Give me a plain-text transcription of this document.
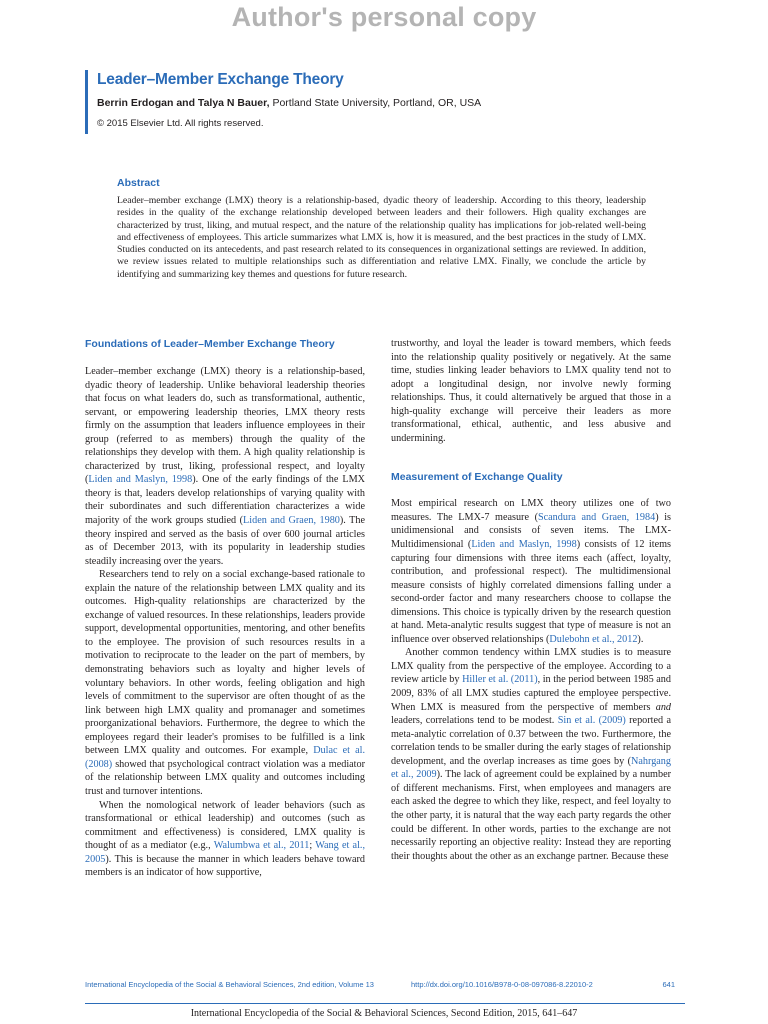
Author's personal copy
Leader–Member Exchange Theory
Berrin Erdogan and Talya N Bauer, Portland State University, Portland, OR, USA
© 2015 Elsevier Ltd. All rights reserved.
Abstract

Leader–member exchange (LMX) theory is a relationship-based, dyadic theory of leadership. According to this theory, leadership resides in the quality of the exchange relationship developed between leaders and their followers. High quality exchanges are characterized by trust, liking, and mutual respect, and the nature of the relationship quality has implications for job-related well-being and effectiveness of employees. This article summarizes what LMX is, how it is measured, and the best practices in the study of LMX. Studies conducted on its antecedents, and past research related to its consequences in organizational settings are reviewed. In addition, we review issues related to multiple relationships such as differentiation and relative LMX. Finally, we conclude the article by identifying and summarizing key themes and questions for future research.

Foundations of Leader–Member Exchange Theory

Leader–member exchange (LMX) theory is a relationship-based, dyadic theory of leadership. Unlike behavioral leadership theories that focus on what leaders do, such as transformational, authentic, servant, or empowering leadership theories, LMX theory rests firmly on the assumption that leaders influence employees in their group (referred to as members) through the quality of the relationships they develop with them. A high quality relationship is characterized by trust, liking, professional respect, and loyalty (Liden and Maslyn, 1998). One of the early findings of the LMX theory is that, leaders develop relationships of varying quality with their subordinates and such differentiation characterizes a wide majority of the work groups studied (Liden and Graen, 1980). The theory inspired and served as the basis of over 600 journal articles as of December 2013, with its popularity in leadership studies steadily increasing over the years.

Researchers tend to rely on a social exchange-based rationale to explain the nature of the relationship between LMX quality and its outcomes. High-quality relationships are characterized by the exchange of valued resources. In these relationships, leaders provide support, developmental opportunities, mentoring, and other benefits to the employee. The provision of such resources results in a motivation to reciprocate to the leader on the part of members, by demonstrating behaviors such as loyalty and higher levels of voluntary behaviors. In other words, feeling obligation and high levels of commitment to the supervisor are often thought of as the link between high LMX quality and promanager and sometimes proorganizational behaviors. Furthermore, the degree to which the employees regard their leader's promises to be fulfilled is a link between LMX quality and outcomes. For example, Dulac et al. (2008) showed that psychological contract violation was a mediator of the relationship between LMX quality and outcomes including trust and turnover intentions.

When the nomological network of leader behaviors (such as transformational or ethical leadership) and outcomes (such as commitment and effectiveness) is considered, LMX quality is thought of as a mediator (e.g., Walumbwa et al., 2011; Wang et al., 2005). This is because the manner in which leaders behave toward members is an indicator of how supportive,

trustworthy, and loyal the leader is toward members, which feeds into the relationship quality positively or negatively. At the same time, studies linking leader behaviors to LMX quality tend not to adopt a longitudinal design, nor involve newly forming relationships. Thus, it could alternatively be argued that those in a high-quality exchange will perceive their leaders as more transformational, ethical, authentic, and less abusive and undermining.

Measurement of Exchange Quality

Most empirical research on LMX theory utilizes one of two measures. The LMX-7 measure (Scandura and Graen, 1984) is unidimensional and consists of seven items. The LMX-Multidimensional (Liden and Maslyn, 1998) consists of 12 items capturing four dimensions with three items each (affect, loyalty, contribution, and professional respect). The multidimensional measure consists of highly correlated dimensions falling under a second-order factor and many researchers choose to collapse the dimensions. This choice is typically driven by the research question at hand. Meta-analytic results suggest that type of measure is not an influence over observed relationships (Dulebohn et al., 2012).

Another common tendency within LMX studies is to measure LMX quality from the perspective of the employee. According to a review article by Hiller et al. (2011), in the period between 1985 and 2009, 83% of all LMX studies captured the employee perspective. When LMX is measured from the perspective of members and leaders, correlations tend to be modest. Sin et al. (2009) reported a meta-analytic correlation of 0.37 between the two. Furthermore, the correlation tends to be smaller during the early stages of relationship development, and the overlap increases as time goes by (Nahrgang et al., 2009). The lack of agreement could be explained by a number of different mechanisms. First, when employees and managers are each asked the degree to which they like, respect, and feel loyalty to the other party, it is natural that the way each party regards the other could be different. In other words, parties to the exchange are not necessarily reporting an objective reality: Instead they are reporting their thoughts about the other as an exchange partner. Because these

International Encyclopedia of the Social & Behavioral Sciences, 2nd edition, Volume 13	http://dx.doi.org/10.1016/B978-0-08-097086-8.22010-2	641
International Encyclopedia of the Social & Behavioral Sciences, Second Edition, 2015, 641–647
